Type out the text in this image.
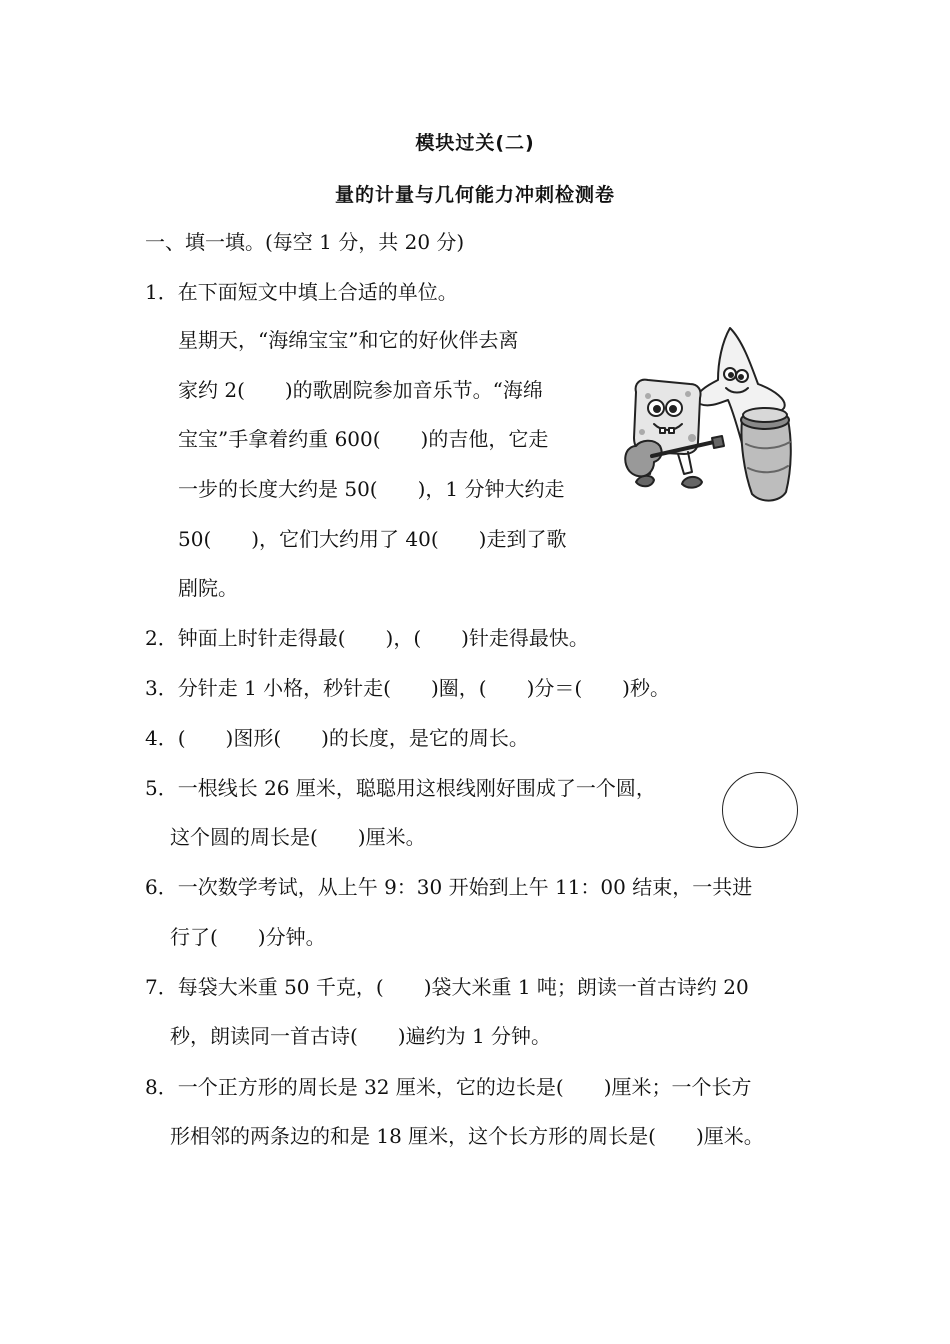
模块过关(二)
量的计量与几何能力冲刺检测卷
一、填一填。(每空 1 分，共 20 分)
1．在下面短文中填上合适的单位。
星期天，“海绵宝宝”和它的好伙伴去离
家约 2(　　)的歌剧院参加音乐节。“海绵
宝宝”手拿着约重 600(　　)的吉他，它走
一步的长度大约是 50(　　)，1 分钟大约走
50(　　)，它们大约用了 40(　　)走到了歌
剧院。
2．钟面上时针走得最(　　)，(　　)针走得最快。
3．分针走 1 小格，秒针走(　　)圈，(　　)分＝(　　)秒。
4．(　　)图形(　　)的长度，是它的周长。
5．一根线长 26 厘米，聪聪用这根线刚好围成了一个圆，
这个圆的周长是(　　)厘米。
6．一次数学考试，从上午 9：30 开始到上午 11：00 结束，一共进
行了(　　)分钟。
7．每袋大米重 50 千克，(　　)袋大米重 1 吨；朗读一首古诗约 20
秒，朗读同一首古诗(　　)遍约为 1 分钟。
8．一个正方形的周长是 32 厘米，它的边长是(　　)厘米；一个长方
形相邻的两条边的和是 18 厘米，这个长方形的周长是(　　)厘米。
